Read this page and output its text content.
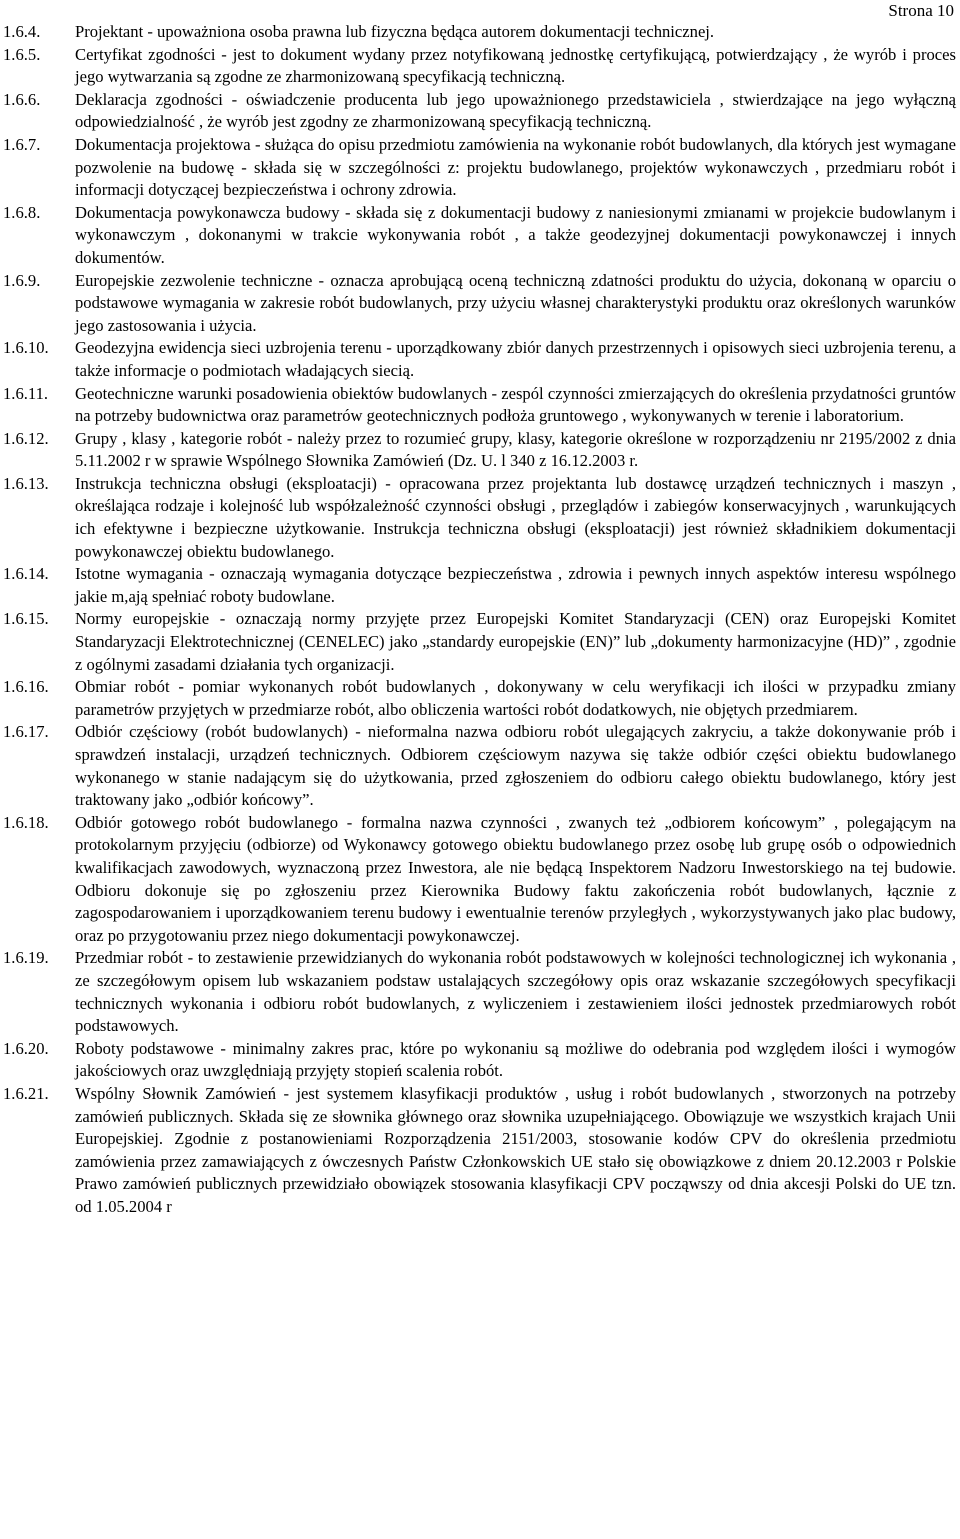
Strona 10
1.6.4. Projektant - upoważniona osoba prawna lub fizyczna będąca autorem dokumentacji technicznej.
1.6.5. Certyfikat zgodności - jest to dokument wydany przez notyfikowaną jednostkę certyfikującą, potwierdzający , że wyrób i proces jego wytwarzania są zgodne ze zharmonizowaną specyfikacją techniczną.
1.6.6. Deklaracja zgodności - oświadczenie producenta lub jego upoważnionego przedstawiciela , stwierdzające na jego wyłączną odpowiedzialność , że wyrób jest zgodny ze zharmonizowaną specyfikacją techniczną.
1.6.7. Dokumentacja projektowa - służąca do opisu przedmiotu zamówienia na wykonanie robót budowlanych, dla których jest wymagane pozwolenie na budowę - składa się w szczególności z: projektu budowlanego, projektów wykonawczych , przedmiaru robót i informacji dotyczącej bezpieczeństwa i ochrony zdrowia.
1.6.8. Dokumentacja powykonawcza budowy - składa się z dokumentacji budowy z naniesionymi zmianami w projekcie budowlanym i wykonawczym , dokonanymi w trakcie wykonywania robót , a także geodezyjnej dokumentacji powykonawczej i innych dokumentów.
1.6.9. Europejskie zezwolenie techniczne - oznacza aprobującą oceną techniczną zdatności produktu do użycia, dokonaną w oparciu o podstawowe wymagania w zakresie robót budowlanych, przy użyciu własnej charakterystyki produktu oraz określonych warunków jego zastosowania i użycia.
1.6.10. Geodezyjna ewidencja sieci uzbrojenia terenu - uporządkowany zbiór danych przestrzennych i opisowych sieci uzbrojenia terenu, a także informacje o podmiotach władających siecią.
1.6.11. Geotechniczne warunki posadowienia obiektów budowlanych - zespól czynności zmierzających do określenia przydatności gruntów na potrzeby budownictwa oraz parametrów geotechnicznych podłoża gruntowego , wykonywanych w terenie i laboratorium.
1.6.12. Grupy , klasy , kategorie robót - należy przez to rozumieć grupy, klasy, kategorie określone w rozporządzeniu nr 2195/2002 z dnia 5.11.2002 r w sprawie Wspólnego Słownika Zamówień (Dz. U. l 340 z 16.12.2003 r.
1.6.13. Instrukcja techniczna obsługi (eksploatacji) - opracowana przez projektanta lub dostawcę urządzeń technicznych i maszyn , określająca rodzaje i kolejność lub współzależność czynności obsługi , przeglądów i zabiegów konserwacyjnych , warunkujących ich efektywne i bezpieczne użytkowanie. Instrukcja techniczna obsługi (eksploatacji) jest również składnikiem dokumentacji powykonawczej obiektu budowlanego.
1.6.14. Istotne wymagania - oznaczają wymagania dotyczące bezpieczeństwa , zdrowia i pewnych innych aspektów interesu wspólnego jakie m,ają spełniać roboty budowlane.
1.6.15. Normy europejskie - oznaczają normy przyjęte przez Europejski Komitet Standaryzacji (CEN) oraz Europejski Komitet Standaryzacji Elektrotechnicznej (CENELEC) jako „standardy europejskie (EN)” lub „dokumenty harmonizacyjne (HD)” , zgodnie z ogólnymi zasadami działania tych organizacji.
1.6.16. Obmiar robót - pomiar wykonanych robót budowlanych , dokonywany w celu weryfikacji ich ilości w przypadku zmiany parametrów przyjętych w przedmiarze robót, albo obliczenia wartości robót dodatkowych, nie objętych przedmiarem.
1.6.17. Odbiór częściowy (robót budowlanych) - nieformalna nazwa odbioru robót ulegających zakryciu, a także dokonywanie prób i sprawdzeń instalacji, urządzeń technicznych. Odbiorem częściowym nazywa się także odbiór części obiektu budowlanego wykonanego w stanie nadającym się do użytkowania, przed zgłoszeniem do odbioru całego obiektu budowlanego, który jest traktowany jako „odbiór końcowy”.
1.6.18. Odbiór gotowego robót budowlanego - formalna nazwa czynności , zwanych też „odbiorem końcowym” , polegającym na protokolarnym przyjęciu (odbiorze) od Wykonawcy gotowego obiektu budowlanego przez osobę lub grupę osób o odpowiednich kwalifikacjach zawodowych, wyznaczoną przez Inwestora, ale nie będącą Inspektorem Nadzoru Inwestorskiego na tej budowie. Odbioru dokonuje się po zgłoszeniu przez Kierownika Budowy faktu zakończenia robót budowlanych, łącznie z zagospodarowaniem i uporządkowaniem terenu budowy i ewentualnie terenów przyległych , wykorzystywanych jako plac budowy, oraz po przygotowaniu przez niego dokumentacji powykonawczej.
1.6.19. Przedmiar robót - to zestawienie przewidzianych do wykonania robót podstawowych w kolejności technologicznej ich wykonania , ze szczegółowym opisem lub wskazaniem podstaw ustalających szczegółowy opis oraz wskazanie szczegółowych specyfikacji technicznych wykonania i odbioru robót budowlanych, z wyliczeniem i zestawieniem ilości jednostek przedmiarowych robót podstawowych.
1.6.20. Roboty podstawowe - minimalny zakres prac, które po wykonaniu są możliwe do odebrania pod względem ilości i wymogów jakościowych oraz uwzględniają przyjęty stopień scalenia robót.
1.6.21. Wspólny Słownik Zamówień - jest systemem klasyfikacji produktów , usług i robót budowlanych , stworzonych na potrzeby zamówień publicznych. Składa się ze słownika głównego oraz słownika uzupełniającego. Obowiązuje we wszystkich krajach Unii Europejskiej. Zgodnie z postanowieniami Rozporządzenia 2151/2003, stosowanie kodów CPV do określenia przedmiotu zamówienia przez zamawiających z ówczesnych Państw Członkowskich UE stało się obowiązkowe z dniem 20.12.2003 r Polskie Prawo zamówień publicznych przewidziało obowiązek stosowania klasyfikacji CPV począwszy od dnia akcesji Polski do UE tzn. od 1.05.2004 r
